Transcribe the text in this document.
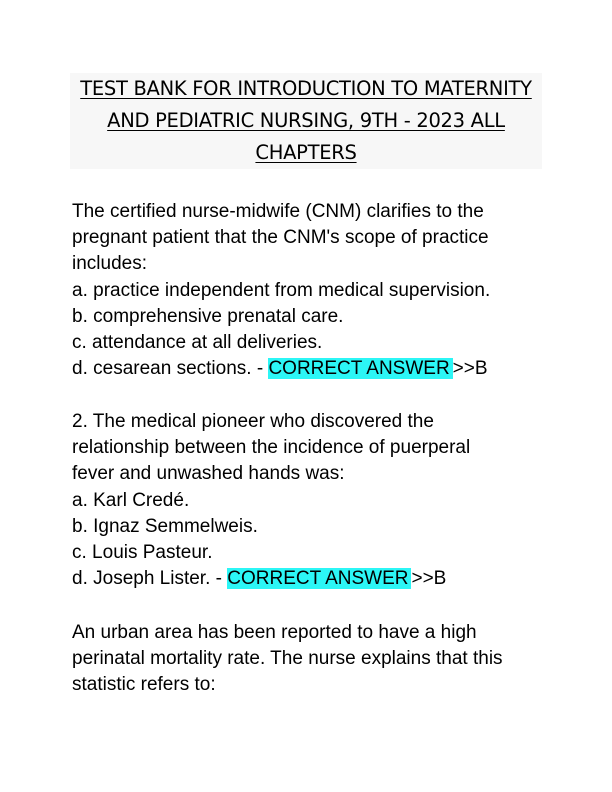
TEST BANK FOR INTRODUCTION TO MATERNITY
AND PEDIATRIC NURSING, 9TH - 2023 ALL
CHAPTERS
The certified nurse-midwife (CNM) clarifies to the
pregnant patient that the CNM's scope of practice
includes:
a. practice independent from medical supervision.
b. comprehensive prenatal care.
c. attendance at all deliveries.
d. cesarean sections. - CORRECT ANSWER >>B
2. The medical pioneer who discovered the
relationship between the incidence of puerperal
fever and unwashed hands was:
a. Karl Credé.
b. Ignaz Semmelweis.
c. Louis Pasteur.
d. Joseph Lister. - CORRECT ANSWER >>B
An urban area has been reported to have a high
perinatal mortality rate. The nurse explains that this
statistic refers to:
